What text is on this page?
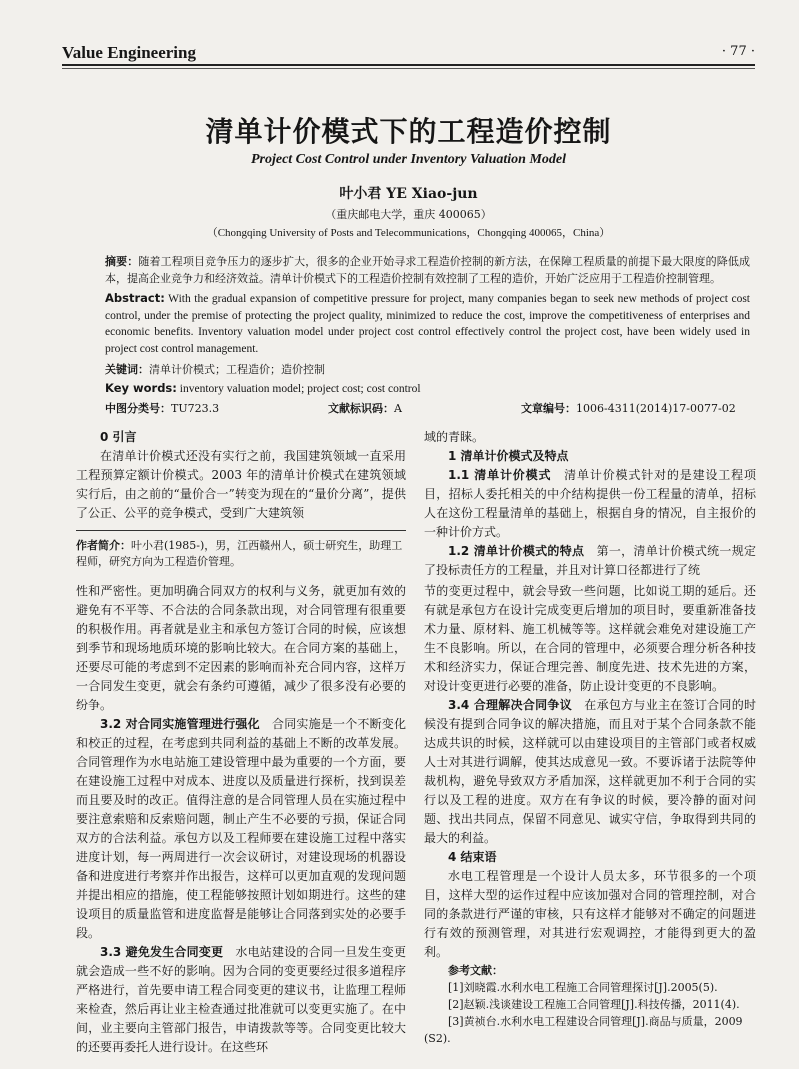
Value Engineering	· 77 ·
清单计价模式下的工程造价控制
Project Cost Control under Inventory Valuation Model
叶小君 YE Xiao-jun
（重庆邮电大学，重庆 400065）
（Chongqing University of Posts and Telecommunications，Chongqing 400065，China）
摘要：随着工程项目竞争压力的逐步扩大，很多的企业开始寻求工程造价控制的新方法，在保障工程质量的前提下最大限度的降低成本，提高企业竞争力和经济效益。清单计价模式下的工程造价控制有效控制了工程的造价，开始广泛应用于工程造价控制管理。
Abstract: With the gradual expansion of competitive pressure for project, many companies began to seek new methods of project cost control, under the premise of protecting the project quality, minimized to reduce the cost, improve the competitiveness of enterprises and economic benefits. Inventory valuation model under project cost control effectively control the project cost, have been widely used in project cost control management.
关键词：清单计价模式；工程造价；造价控制
Key words: inventory valuation model; project cost; cost control
中图分类号：TU723.3	文献标识码：A	文章编号：1006-4311(2014)17-0077-02

0 引言

在清单计价模式还没有实行之前，我国建筑领域一直采用工程预算定额计价模式。2003 年的清单计价模式在建筑领域实行后，由之前的“量价合一”转变为现在的“量价分离”，提供了公正、公平的竞争模式，受到广大建筑领

作者简介：叶小君(1985-)，男，江西赣州人，硕士研究生，助理工程师，研究方向为工程造价管理。

域的青睐。

1 清单计价模式及特点

1.1 清单计价模式　清单计价模式针对的是建设工程项目，招标人委托相关的中介结构提供一份工程量的清单，招标人在这份工程量清单的基础上，根据自身的情况，自主报价的一种计价方式。

1.2 清单计价模式的特点　第一，清单计价模式统一规定了投标责任方的工程量，并且对计算口径都进行了统

性和严密性。更加明确合同双方的权利与义务，就更加有效的避免有不平等、不合法的合同条款出现，对合同管理有很重要的积极作用。再者就是业主和承包方签订合同的时候，应该想到季节和现场地质环境的影响比较大。在合同方案的基础上，还要尽可能的考虑到不定因素的影响而补充合同内容，这样万一合同发生变更，就会有条约可遵循，减少了很多没有必要的纷争。

3.2 对合同实施管理进行强化　合同实施是一个不断变化和校正的过程，在考虑到共同利益的基础上不断的改革发展。合同管理作为水电站施工建设管理中最为重要的一个方面，要在建设施工过程中对成本、进度以及质量进行探析，找到误差而且要及时的改正。值得注意的是合同管理人员在实施过程中要注意索赔和反索赔问题，制止产生不必要的亏损，保证合同双方的合法利益。承包方以及工程师要在建设施工过程中落实进度计划，每一两周进行一次会议研讨，对建设现场的机器设备和进度进行考察并作出报告，这样可以更加直观的发现问题并提出相应的措施，使工程能够按照计划如期进行。这些的建设项目的质量监管和进度监督是能够让合同落到实处的必要手段。

3.3 避免发生合同变更　水电站建设的合同一旦发生变更就会造成一些不好的影响。因为合同的变更要经过很多道程序严格进行，首先要申请工程合同变更的建议书，让监理工程师来检查，然后再让业主检查通过批准就可以变更实施了。在中间，业主要向主管部门报告，申请拨款等等。合同变更比较大的还要再委托人进行设计。在这些环

节的变更过程中，就会导致一些问题，比如说工期的延后。还有就是承包方在设计完成变更后增加的项目时，要重新准备技术力量、原材料、施工机械等等。这样就会难免对建设施工产生不良影响。所以，在合同的管理中，必须要合理分析各种技术和经济实力，保证合理完善、制度先进、技术先进的方案，对设计变更进行必要的准备，防止设计变更的不良影响。

3.4 合理解决合同争议　在承包方与业主在签订合同的时候没有提到合同争议的解决措施，而且对于某个合同条款不能达成共识的时候，这样就可以由建设项目的主管部门或者权威人士对其进行调解，使其达成意见一致。不要诉诸于法院等仲裁机构，避免导致双方矛盾加深，这样就更加不利于合同的实行以及工程的进度。双方在有争议的时候，要冷静的面对问题、找出共同点，保留不同意见、诚实守信，争取得到共同的最大的利益。

4 结束语

水电工程管理是一个设计人员太多，环节很多的一个项目，这样大型的运作过程中应该加强对合同的管理控制，对合同的条款进行严谨的审核，只有这样才能够对不确定的问题进行有效的预测管理，对其进行宏观调控，才能得到更大的盈利。

参考文献：
[1]刘晓霞.水利水电工程施工合同管理探讨[J].2005(5).
[2]赵颖.浅谈建设工程施工合同管理[J].科技传播，2011(4).
[3]黄祯台.水利水电工程建设合同管理[J].商品与质量，2009
(S2).
